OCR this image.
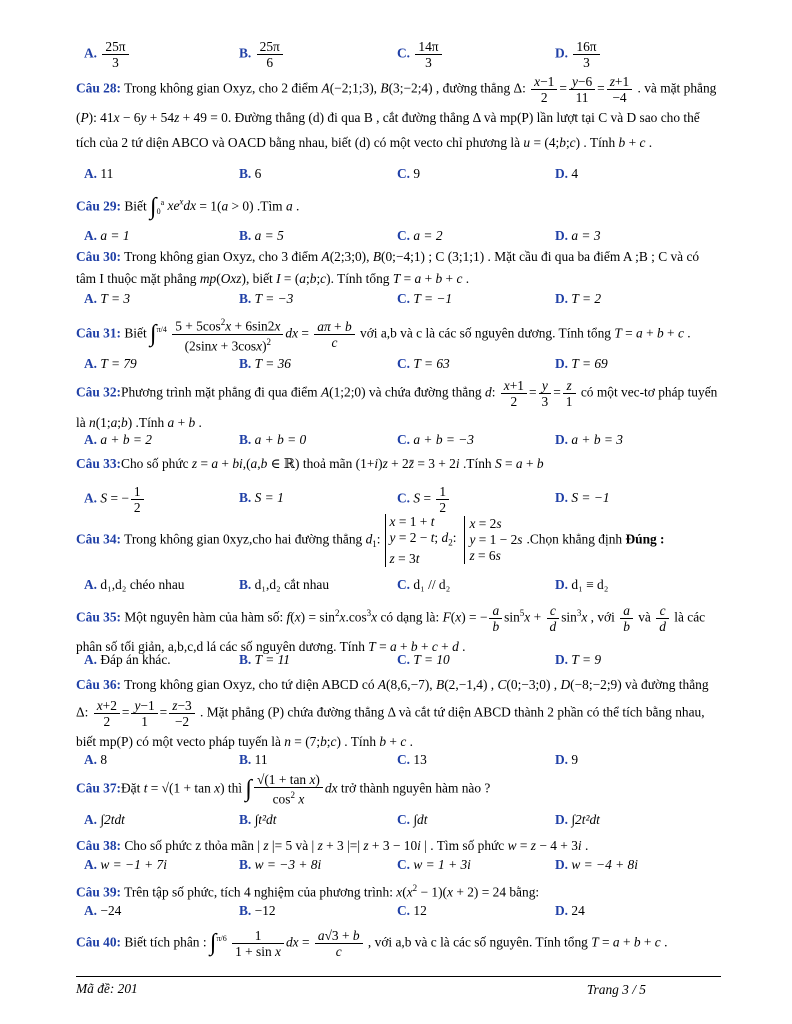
A. $\frac{25\pi}{3}$	B. $\frac{25\pi}{6}$	C. $\frac{14\pi}{3}$	D. $\frac{16\pi}{3}$
Câu 28: Trong không gian Oxyz, cho 2 điểm A(−2;1;3), B(3;−2;4) , đường thẳng Δ: $\frac{x-1}{2} = \frac{y-6}{11} = \frac{z+1}{-4}$ . và mặt phẳng (P): 41x − 6y + 54z + 49 = 0. Đường thẳng (d) đi qua B , cắt đường thẳng Δ và mp(P) lần lượt tại C và D sao cho thể tích của 2 tứ diện ABCO và OACD bằng nhau, biết (d) có một vecto chỉ phương là u = (4;b;c) . Tính b + c .
A. 11	B. 6	C. 9	D. 4
Câu 29: Biết $\int_0^a$ $xe^xdx = 1(a > 0)$ .Tìm a .
A. a = 1	B. a = 5	C. a = 2	D. a = 3
Câu 30: Trong không gian Oxyz, cho 3 điểm A(2;3;0), B(0;−4;1) ; C (3;1;1) . Mặt cầu đi qua ba điểm A ;B ; C và có tâm I thuộc mặt phẳng mp(Oxz), biết I = (a;b;c). Tính tổng T = a + b + c .
A. T = 3	B. T = −3	C. T = −1	D. T = 2
Câu 31: Biết $\int^{\pi/4} \frac{5 + 5\cos^2x + 6\sin 2x}{(2\sin x + 3\cos x)^2}$ dx = $\frac{a\pi + b}{c}$ với a,b và c là các số nguyên dương. Tính tổng T = a + b + c .
A. T = 79	B. T = 36	C. T = 63	D. T = 69
Câu 32:Phương trình mặt phẳng đi qua điểm A(1;2;0) và chứa đường thẳng d: $\frac{x+1}{2} = \frac{y}{3} = \frac{z}{1}$ có một vec-tơ pháp tuyến là n(1;a;b) .Tính a + b .
A. a + b = 2	B. a + b = 0	C. a + b = −3	D. a + b = 3
Câu 33:Cho số phức z = a + bi,(a,b ∈ ℝ) thoả mãn (1+i)z + 2z̄ = 3 + 2i .Tính S = a + b
A. S = − $\frac{1}{2}$	B. S = 1	C. $S = \frac{1}{2}$	D. S = −1
Câu 34: Trong không gian 0xyz,cho hai đường thẳng $d_1:x = 1 + t$
y = 2 − t; $d_2$:
z = 3tx = 2s
y = 1 − 2s
z = 6s.Chọn khẳng định Đúng :
A. d₁,d₂ chéo nhau	B. d₁,d₂ cắt nhau	C. d₁ // d₂	D. d₁ ≡ d₂
Câu 35: Một nguyên hàm của hàm số: $f(x) = \sin^2x.\cos^3x$ có dạng là: F(x) = − $\frac{a}{b} \sin^5x + \frac{c}{d} \sin^3x$ , với $\frac{a}{b}$ và $\frac{c}{d}$ là các phân số tối giản, a,b,c,d lá các số nguyên dương. Tính T = a + b + c + d .
A. Đáp án khác.	B. T = 11	C. T = 10	D. T = 9
Câu 36: Trong không gian Oxyz, cho tứ diện ABCD có A(8,6,−7), B(2,−1,4) , C(0;−3;0) , D(−8;−2;9) và đường thẳng Δ: $\frac{x+2}{2} = \frac{y-1}{1} = \frac{z-3}{-2}$ . Mặt phẳng (P) chứa đường thẳng Δ và cắt tứ diện ABCD thành 2 phần có thể tích bằng nhau, biết mp(P) có một vecto pháp tuyến là n = (7;b;c) . Tính b + c .
A. 8	B. 11	C. 13	D. 9
Câu 37:Đặt t = √(1 + tan x) thì ∫ $\frac{\text{√(1 + tan x)}}{\cos^2 x}$ dx trở thành nguyên hàm nào ?
A. ∫2tdt	B. ∫t²dt	C. ∫dt	D. ∫2t²dt
Câu 38: Cho số phức z thỏa mãn | z |= 5 và | z + 3 |=| z + 3 − 10i | . Tìm số phức w = z − 4 + 3i .
A. w = −1 + 7i	B. w = −3 + 8i	C. w = 1 + 3i	D. w = −4 + 8i
Câu 39: Trên tập số phức, tích 4 nghiệm của phương trình: $x(x^2 - 1)(x + 2) = 24$ bằng:
A. −24	B. −12	C. 12	D. 24
Câu 40: Biết tích phân : $\int^{\pi/6} \frac{1}{\text{1 + sin x}}$ dx = $\frac{a√3 + b}{c}$ , với a,b và c là các số nguyên. Tính tổng T = a + b + c .
Mã đề: 201	Trang 3 / 5
